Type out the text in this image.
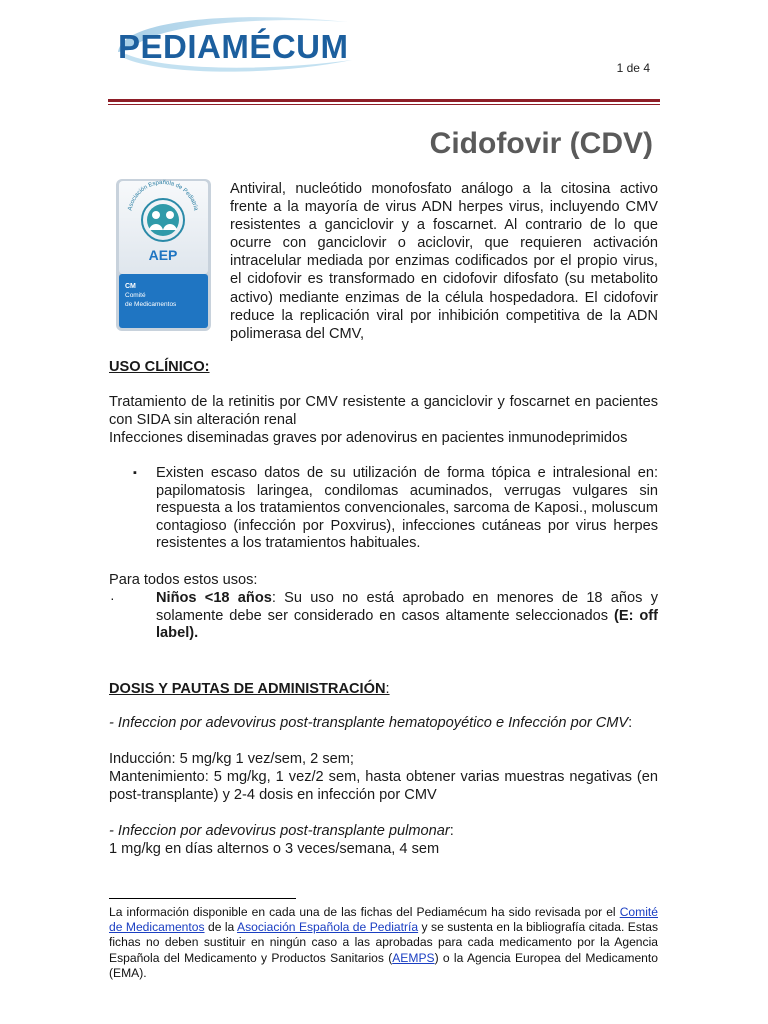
PEDIAMÉCUM
1 de 4
Cidofovir (CDV)
Asociación Española de Pediatría
AEP
CM
Comité
de Medicamentos

Antiviral, nucleótido monofosfato análogo a la citosina activo frente a la mayoría de virus ADN herpes virus, incluyendo CMV resistentes a ganciclovir y a foscarnet. Al contrario de lo que ocurre con ganciclovir o aciclovir, que requieren activación intracelular mediada por enzimas codificados por el propio virus, el cidofovir es transformado en cidofovir difosfato (su metabolito activo) mediante enzimas de la célula hospedadora. El cidofovir reduce la replicación viral por inhibición competitiva de la ADN polimerasa del CMV,

USO CLÍNICO:

Tratamiento de la retinitis por CMV resistente a ganciclovir y foscarnet en pacientes con SIDA sin alteración renal

Infecciones diseminadas graves por adenovirus en pacientes inmunodeprimidos

▪ Existen escaso datos de su utilización de forma tópica e intralesional en: papilomatosis laringea, condilomas acuminados, verrugas vulgares sin respuesta a los tratamientos convencionales, sarcoma de Kaposi., moluscum contagioso (infección por Poxvirus), infecciones cutáneas por virus herpes resistentes a los tratamientos habituales.

Para todos estos usos:

·	Niños <18 años: Su uso no está aprobado en menores de 18 años y solamente debe ser considerado en casos altamente seleccionados (E: off label).

DOSIS Y PAUTAS DE ADMINISTRACIÓN:

- Infeccion por adevovirus post-transplante hematopoyético e Infección por CMV:

Inducción: 5 mg/kg 1 vez/sem, 2 sem;

Mantenimiento: 5 mg/kg, 1 vez/2 sem, hasta obtener varias muestras negativas (en post-transplante) y 2-4 dosis en infección por CMV

- Infeccion por adevovirus post-transplante pulmonar:

1 mg/kg en días alternos o 3 veces/semana, 4 sem

La información disponible en cada una de las fichas del Pediamécum ha sido revisada por el Comité de Medicamentos de la Asociación Española de Pediatría y se sustenta en la bibliografía citada. Estas fichas no deben sustituir en ningún caso a las aprobadas para cada medicamento por la Agencia Española del Medicamento y Productos Sanitarios (AEMPS) o la Agencia Europea del Medicamento (EMA).
